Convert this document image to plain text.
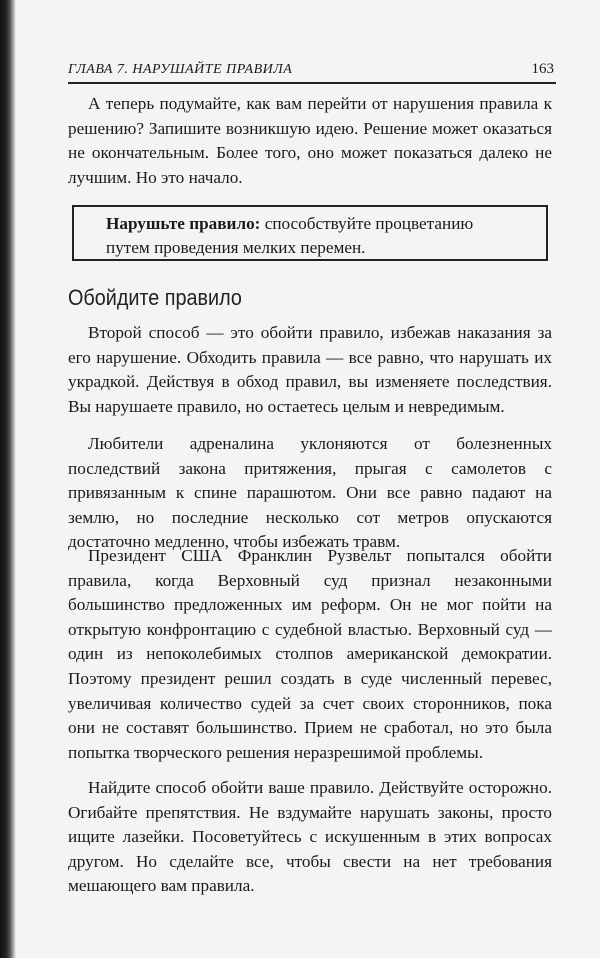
ГЛАВА 7. НАРУШАЙТЕ ПРАВИЛА	163

А теперь подумайте, как вам перейти от нарушения правила к решению? Запишите возникшую идею. Решение может оказаться не окончательным. Более того, оно может показаться далеко не лучшим. Но это начало.

Нарушьте правило: способствуйте процветанию путем проведения мелких перемен.

Обойдите правило

Второй способ — это обойти правило, избежав наказания за его нарушение. Обходить правила — все равно, что нарушать их украдкой. Действуя в обход правил, вы изменяете последствия. Вы нарушаете правило, но остаетесь целым и невредимым.

Любители адреналина уклоняются от болезненных последствий закона притяжения, прыгая с самолетов с привязанным к спине парашютом. Они все равно падают на землю, но последние несколько сот метров опускаются достаточно медленно, чтобы избежать травм.

Президент США Франклин Рузвельт попытался обойти правила, когда Верховный суд признал незаконными большинство предложенных им реформ. Он не мог пойти на открытую конфронтацию с судебной властью. Верховный суд — один из непоколебимых столпов американской демократии. Поэтому президент решил создать в суде численный перевес, увеличивая количество судей за счет своих сторонников, пока они не составят большинство. Прием не сработал, но это была попытка творческого решения неразрешимой проблемы.

Найдите способ обойти ваше правило. Действуйте осторожно. Огибайте препятствия. Не вздумайте нарушать законы, просто ищите лазейки. Посоветуйтесь с искушенным в этих вопросах другом. Но сделайте все, чтобы свести на нет требования мешающего вам правила.
